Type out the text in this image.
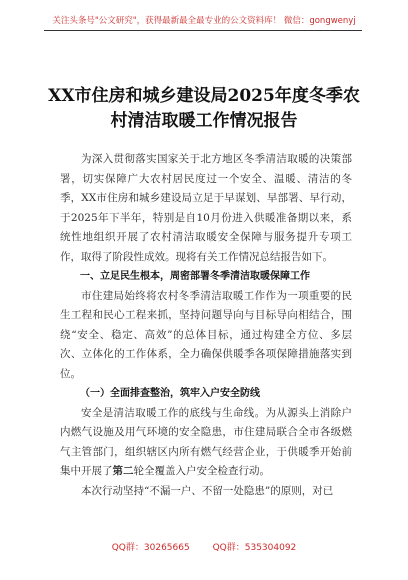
关注头条号"公文研究"，获得最新最全最专业的公文资料库！ 微信：gongwenyj
XX市住房和城乡建设局2025年度冬季农村清洁取暖工作情况报告

为深入贯彻落实国家关于北方地区冬季清洁取暖的决策部署，切实保障广大农村居民度过一个安全、温暖、清洁的冬季，XX市住房和城乡建设局立足于早谋划、早部署、早行动，于2025年下半年，特别是自10月份进入供暖准备期以来，系统性地组织开展了农村清洁取暖安全保障与服务提升专项工作，取得了阶段性成效。现将有关工作情况总结报告如下。

一、立足民生根本，周密部署冬季清洁取暖保障工作

市住建局始终将农村冬季清洁取暖工作作为一项重要的民生工程和民心工程来抓，坚持问题导向与目标导向相结合，围绕“安全、稳定、高效”的总体目标，通过构建全方位、多层次、立体化的工作体系，全力确保供暖季各项保障措施落实到位。

（一）全面排查整治，筑牢入户安全防线

安全是清洁取暖工作的底线与生命线。为从源头上消除户内燃气设施及用气环境的安全隐患，市住建局联合全市各级燃气主管部门，组织辖区内所有燃气经营企业，于供暖季开始前集中开展了第二轮全覆盖入户安全检查行动。

本次行动坚持“不漏一户、不留一处隐患”的原则，对已

QQ群：30265665	QQ群：535304092
